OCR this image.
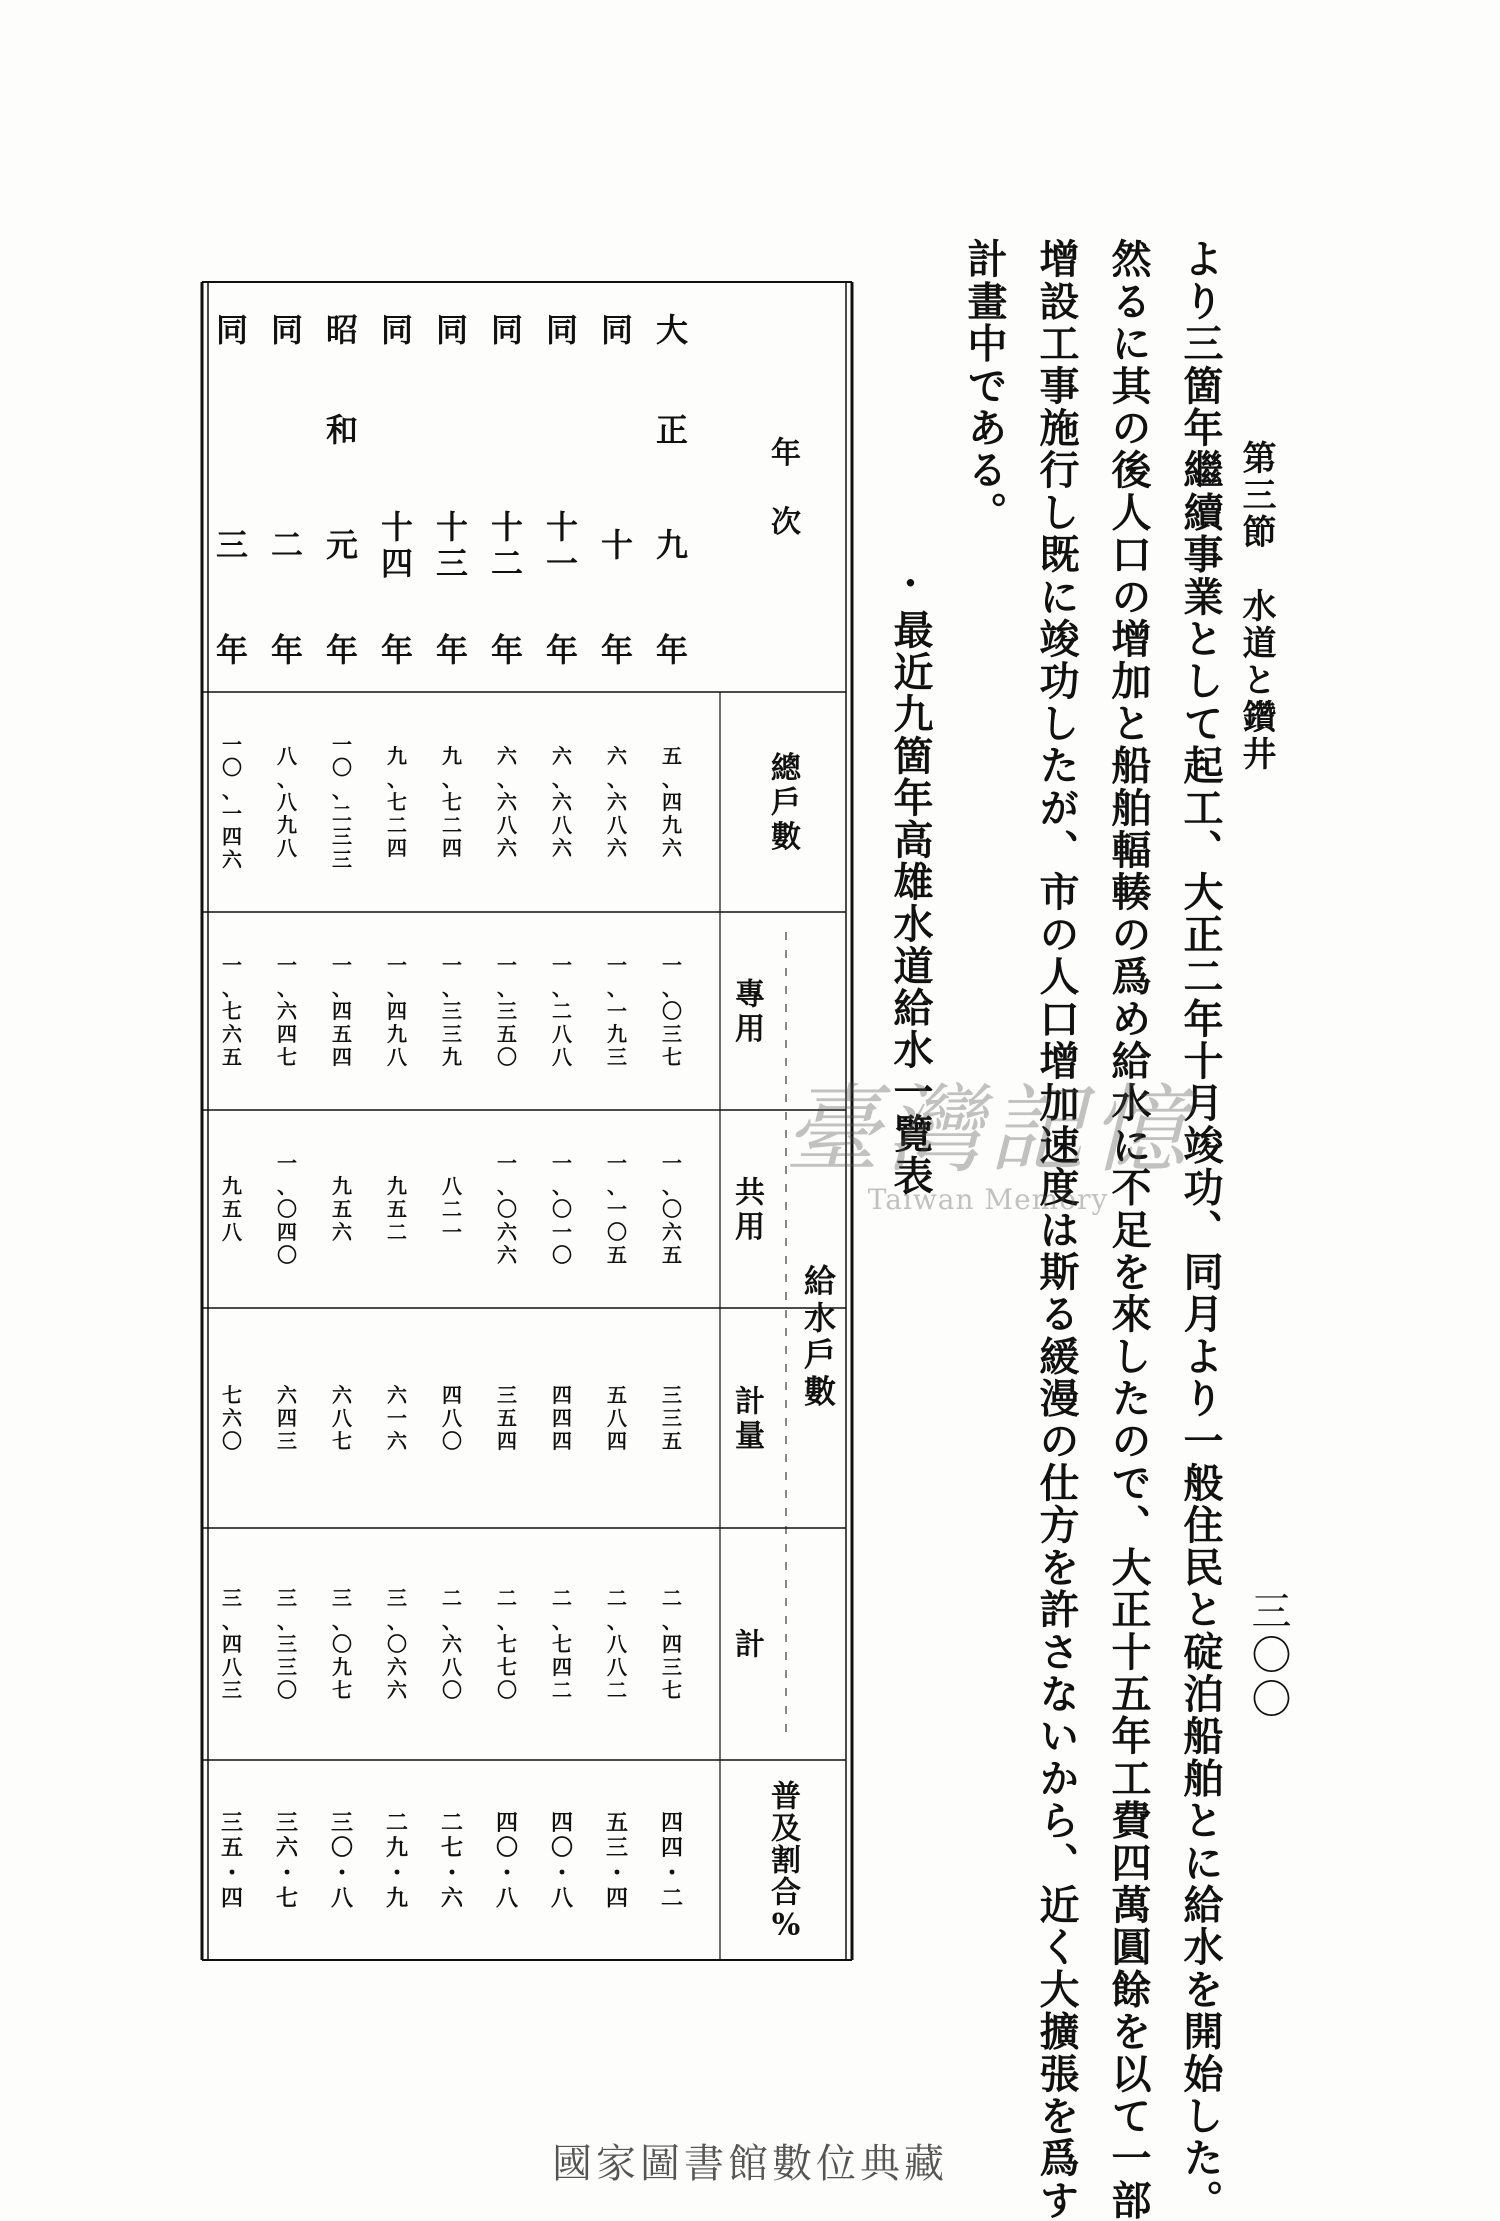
第三節　水道と鑽井
三〇〇
より三箇年繼續事業として起工、大正二年十月竣功、同月より一般住民と碇泊船舶とに給水を開始した。
然るに其の後人口の增加と船舶輻輳の爲め給水に不足を來したので、大正十五年工費四萬圓餘を以て一部
增設工事施行し既に竣功したが、市の人口增加速度は斯る緩漫の仕方を許さないから、近く大擴張を爲す
計畫中である。
·最近九箇年高雄水道給水一覽表
年　次
總戶數
專用
共用
計量
計
給水戶數
普及割合%
大
正
九
年
五、四九六
一、〇三七
一、〇六五
三三五
二、四三七
四四・二
同
十
年
六、六八六
一、一九三
一、一〇五
五八四
二、八八二
五三・四
同
十一
年
六、六八六
一、二八八
一、〇一〇
四四四
二、七四二
四〇・八
同
十二
年
六、六八六
一、三五〇
一、〇六六
三五四
二、七七〇
四〇・八
同
十三
年
九、七二四
一、三三九
八二一
四八〇
二、六八〇
二七・六
同
十四
年
九、七二四
一、四九八
九五二
六一六
三、〇六六
二九・九
昭
和
元
年
一〇、二三三
一、四五四
九五六
六八七
三、〇九七
三〇・八
同
二
年
八、八九八
一、六四七
一、〇四〇
六四三
三、三三〇
三六・七
同
三
年
一〇、一四六
一、七六五
九五八
七六〇
三、四八三
三五・四
臺灣記憶
Taiwan Memory
國家圖書館數位典藏
